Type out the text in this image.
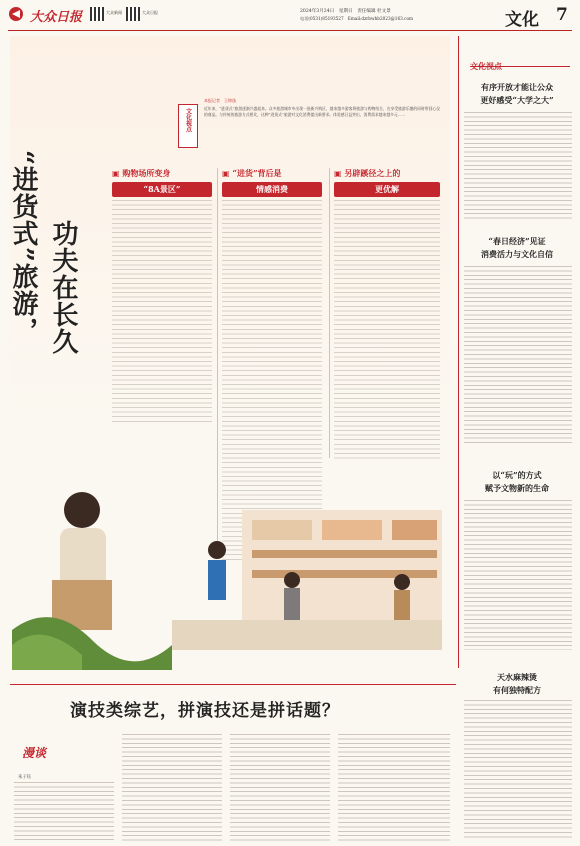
大众日报	大众新闻	大众日报	2024年3月24日　星期日　责任编辑 杜文景
电话(0531)85193527　Email:dzrbwhb2023@163.com	文化 7
文化视点
本报记者　王锦逸
近年来，“进货式”旅游逐渐兴盛起来。众多旅游城市中出现一批新兴购区，越来越多游客将旅游与购物结合，在享受旅游乐趣的同时带回心仪的商品。与传统的旅游方式相比，这种“进货式”旅游对文化消费提出新要求。体验感日益突出，消费需求越来越多元……
“进货式”旅游， 功夫在长久
▣ 购物场所变身
“8A景区”
▣ “进货”背后是
情感消费
▣ 另辟蹊径之上的
更优解
文化视点
有序开放才能让公众
更好感受“大学之大”
“春日经济”见证
消费活力与文化自信
以“玩”的方式
赋予文物新的生命
天水麻辣烫
有何独特配方
演技类综艺，拼演技还是拼话题？
漫谈
朱子钰
